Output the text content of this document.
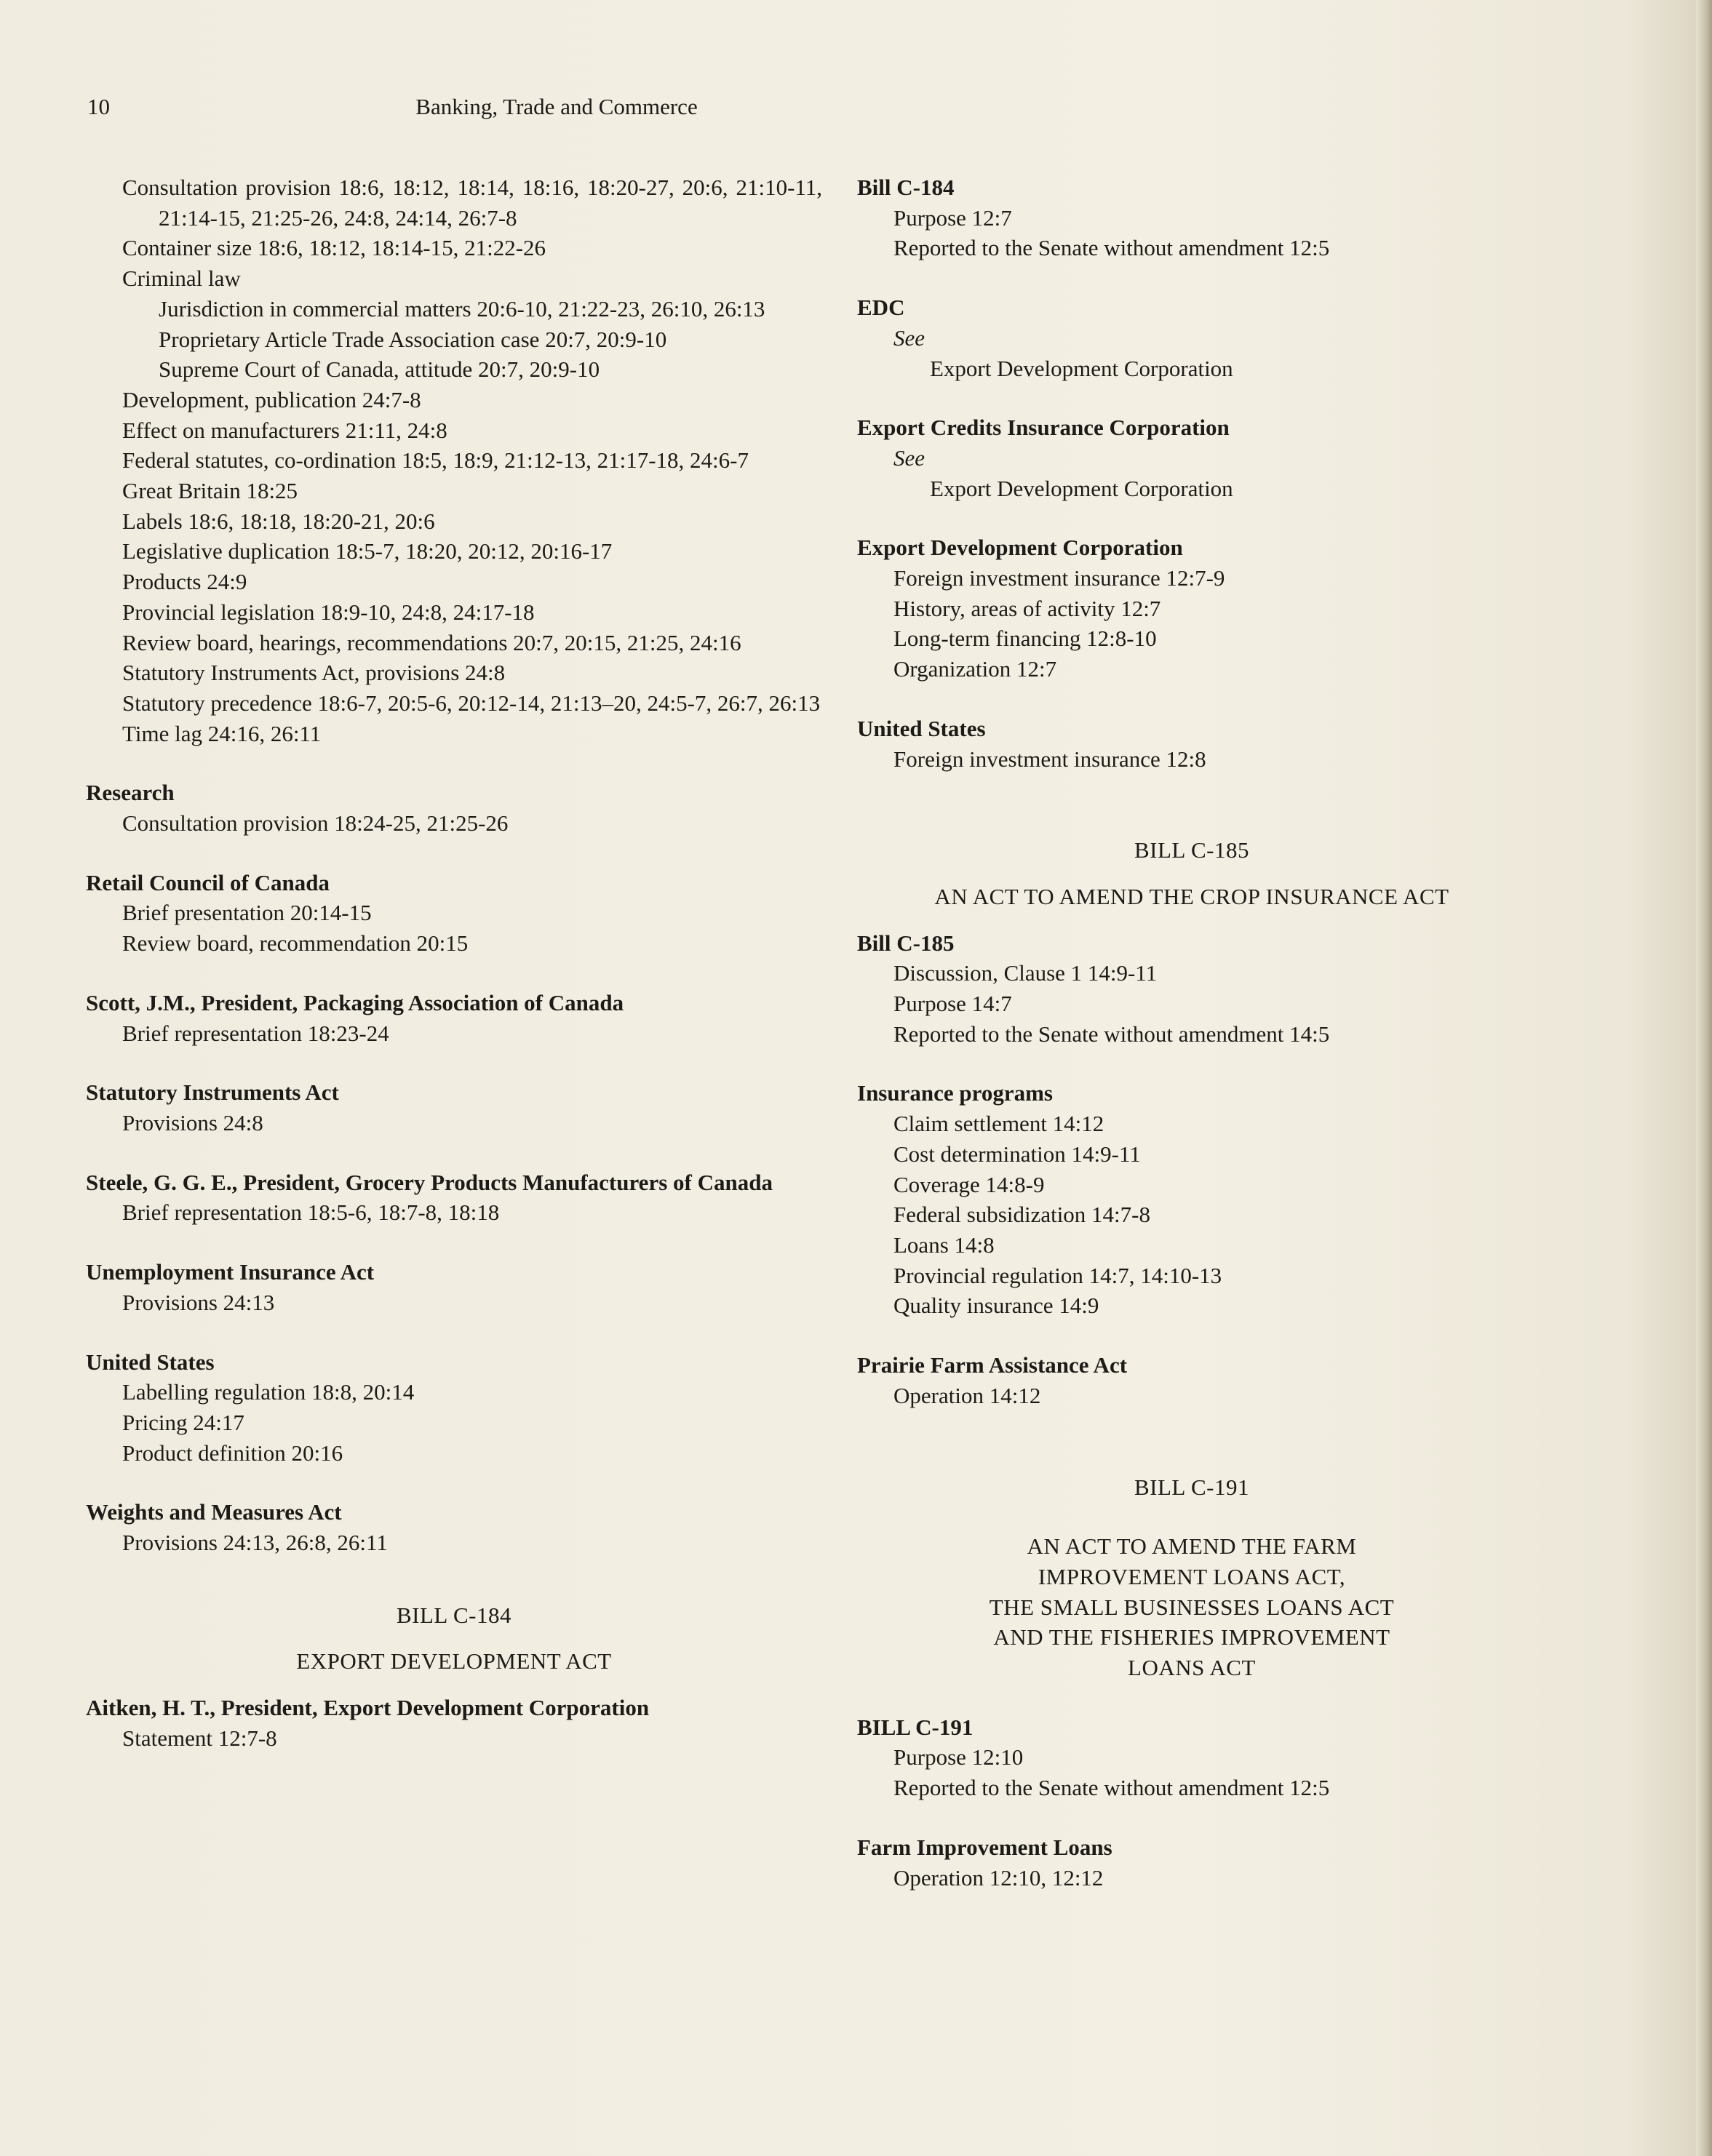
10	Banking, Trade and Commerce
Consultation provision 18:6, 18:12, 18:14, 18:16, 18:20-27, 20:6, 21:10-11, 21:14-15, 21:25-26, 24:8, 24:14, 26:7-8
Container size 18:6, 18:12, 18:14-15, 21:22-26
Criminal law
Jurisdiction in commercial matters 20:6-10, 21:22-23, 26:10, 26:13
Proprietary Article Trade Association case 20:7, 20:9-10
Supreme Court of Canada, attitude 20:7, 20:9-10
Development, publication 24:7-8
Effect on manufacturers 21:11, 24:8
Federal statutes, co-ordination 18:5, 18:9, 21:12-13, 21:17-18, 24:6-7
Great Britain 18:25
Labels 18:6, 18:18, 18:20-21, 20:6
Legislative duplication 18:5-7, 18:20, 20:12, 20:16-17
Products 24:9
Provincial legislation 18:9-10, 24:8, 24:17-18
Review board, hearings, recommendations 20:7, 20:15, 21:25, 24:16
Statutory Instruments Act, provisions 24:8
Statutory precedence 18:6-7, 20:5-6, 20:12-14, 21:13–20, 24:5-7, 26:7, 26:13
Time lag 24:16, 26:11
Research
Consultation provision 18:24-25, 21:25-26
Retail Council of Canada
Brief presentation 20:14-15
Review board, recommendation 20:15
Scott, J.M., President, Packaging Association of Canada
Brief representation 18:23-24
Statutory Instruments Act
Provisions 24:8
Steele, G. G. E., President, Grocery Products Manufacturers of Canada
Brief representation 18:5-6, 18:7-8, 18:18
Unemployment Insurance Act
Provisions 24:13
United States
Labelling regulation 18:8, 20:14
Pricing 24:17
Product definition 20:16
Weights and Measures Act
Provisions 24:13, 26:8, 26:11
BILL C-184
EXPORT DEVELOPMENT ACT
Aitken, H. T., President, Export Development Corporation
Statement 12:7-8
Bill C-184
Purpose 12:7
Reported to the Senate without amendment 12:5
EDC
See
Export Development Corporation
Export Credits Insurance Corporation
See
Export Development Corporation
Export Development Corporation
Foreign investment insurance 12:7-9
History, areas of activity 12:7
Long-term financing 12:8-10
Organization 12:7
United States
Foreign investment insurance 12:8
BILL C-185
AN ACT TO AMEND THE CROP INSURANCE ACT
Bill C-185
Discussion, Clause 1 14:9-11
Purpose 14:7
Reported to the Senate without amendment 14:5
Insurance programs
Claim settlement 14:12
Cost determination 14:9-11
Coverage 14:8-9
Federal subsidization 14:7-8
Loans 14:8
Provincial regulation 14:7, 14:10-13
Quality insurance 14:9
Prairie Farm Assistance Act
Operation 14:12
BILL C-191
AN ACT TO AMEND THE FARM
IMPROVEMENT LOANS ACT,
THE SMALL BUSINESSES LOANS ACT
AND THE FISHERIES IMPROVEMENT
LOANS ACT
BILL C-191
Purpose 12:10
Reported to the Senate without amendment 12:5
Farm Improvement Loans
Operation 12:10, 12:12
